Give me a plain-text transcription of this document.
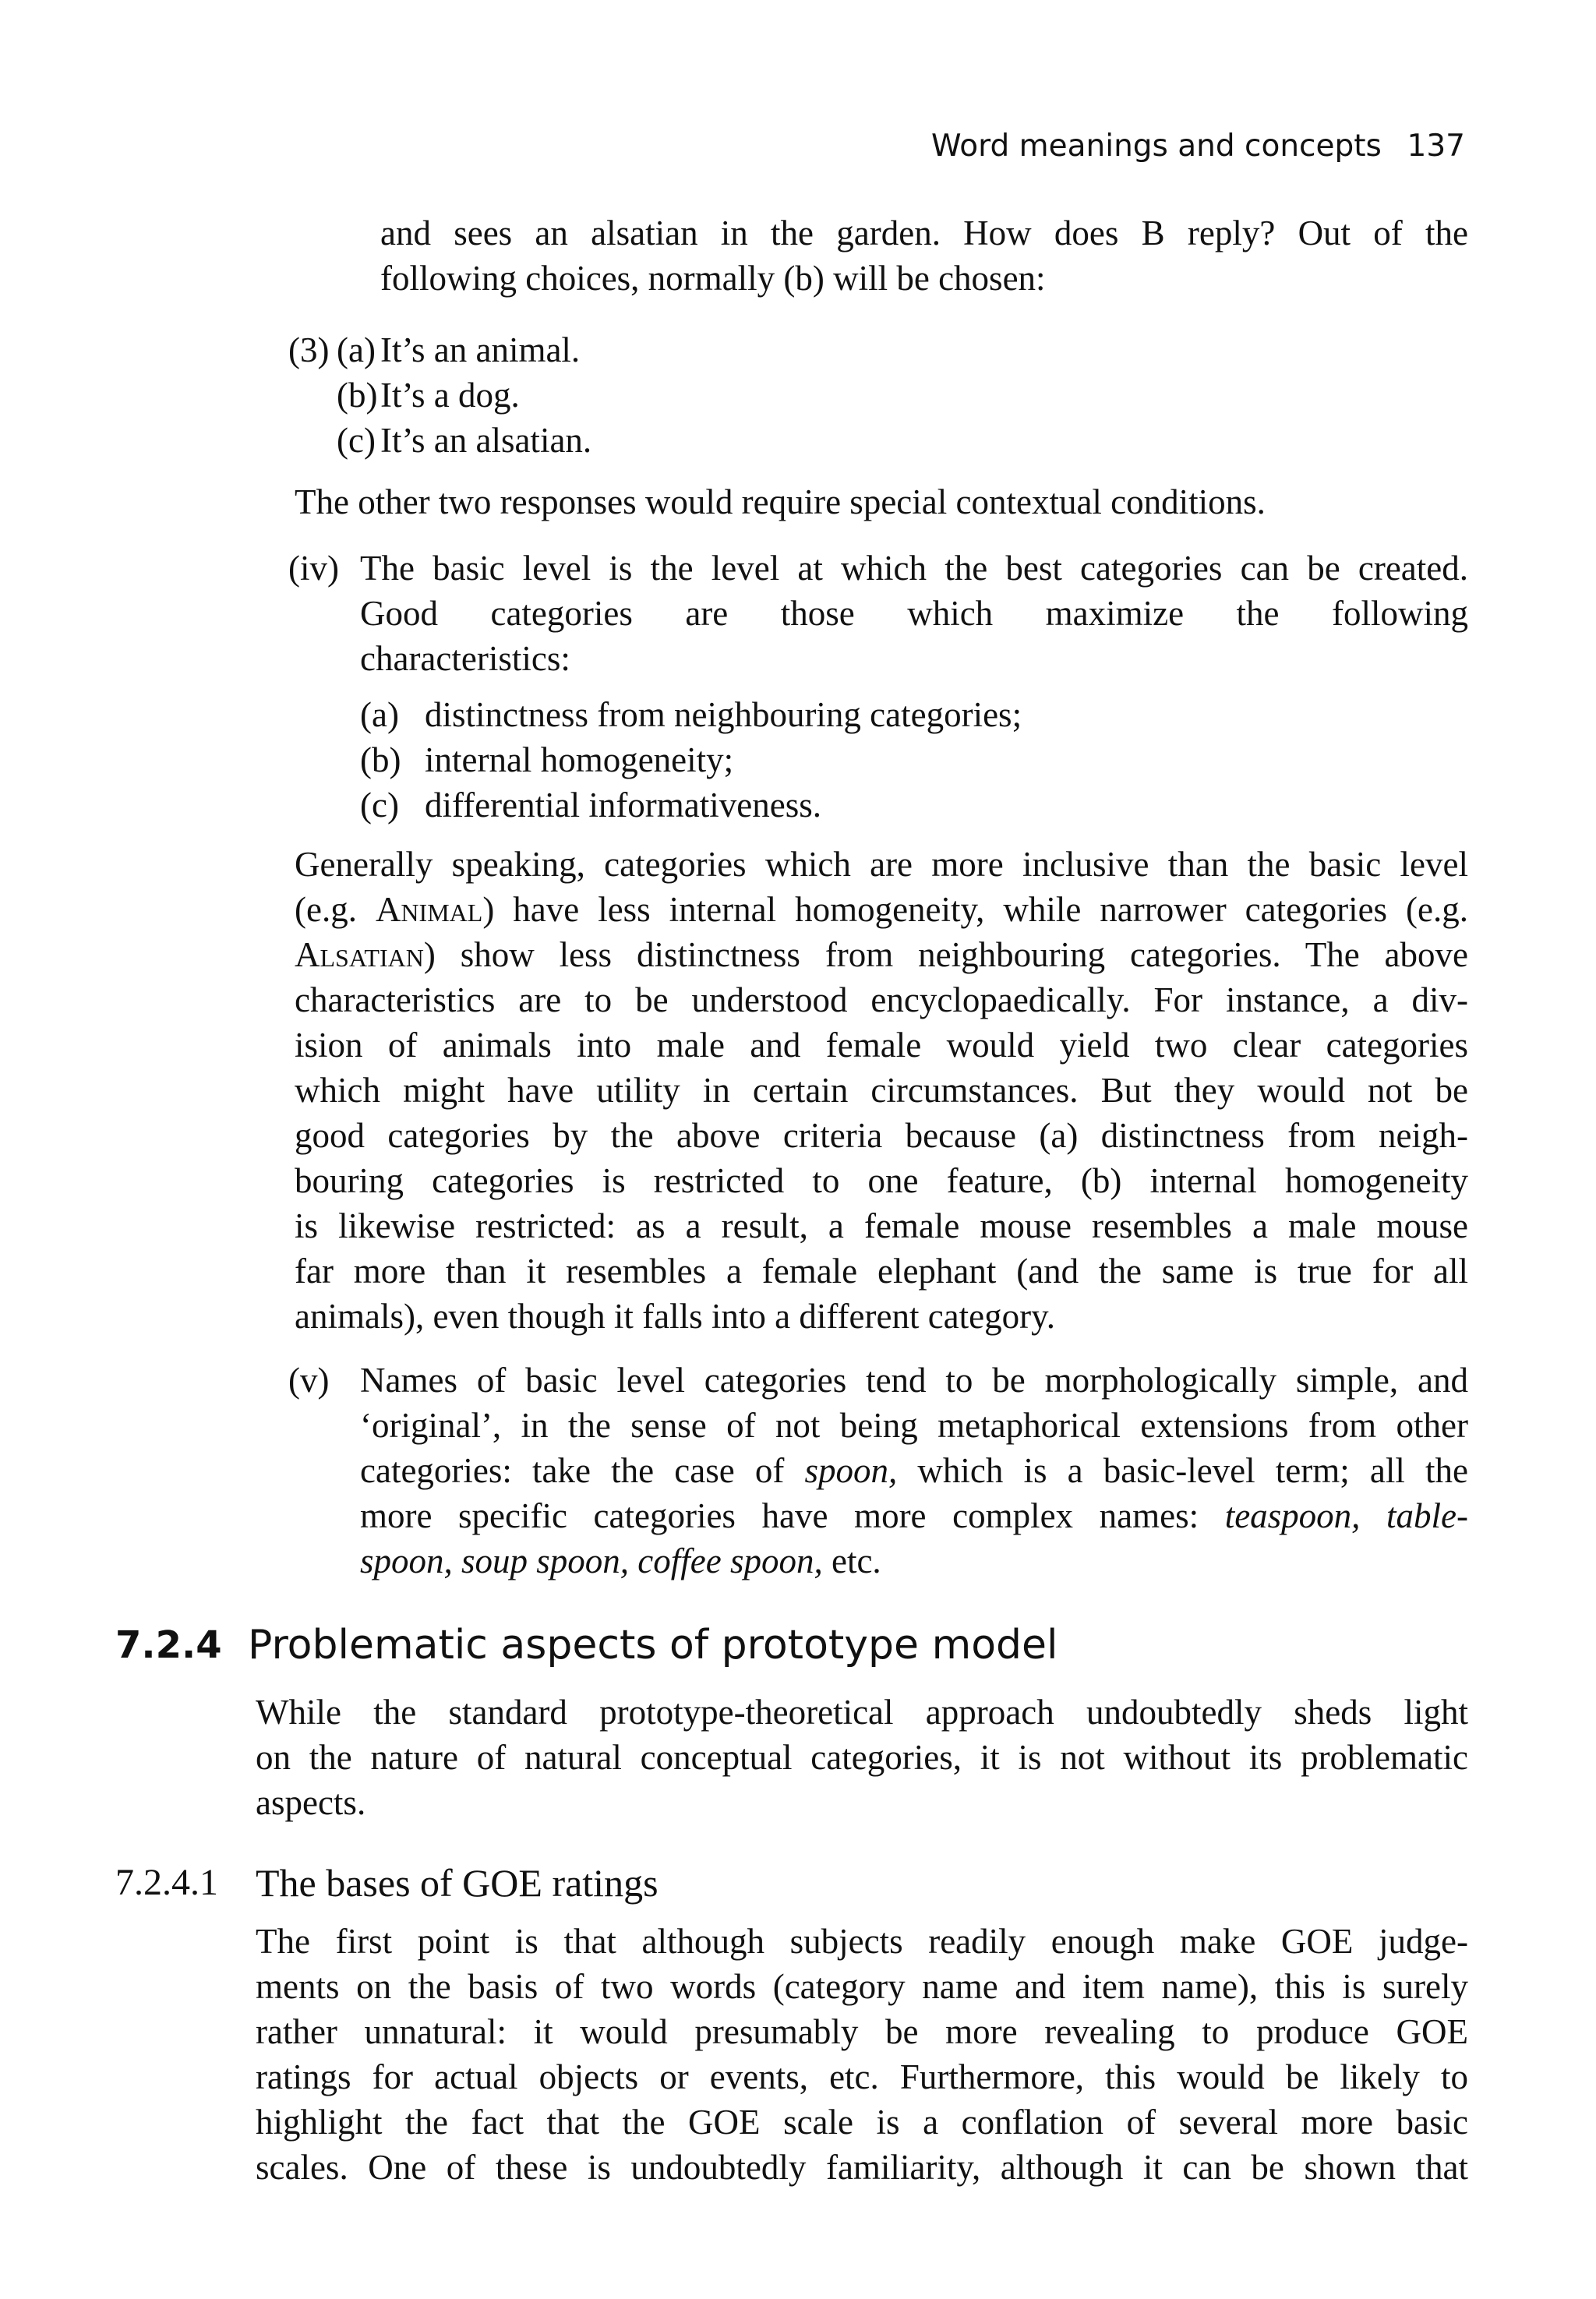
Word meanings and concepts 137
and sees an alsatian in the garden. How does B reply? Out of the
following choices, normally (b) will be chosen:
(3) (a) It’s an animal.
(b) It’s a dog.
(c) It’s an alsatian.
The other two responses would require special contextual conditions.
(iv) The basic level is the level at which the best categories can be created.
Good categories are those which maximize the following
characteristics:
(a) distinctness from neighbouring categories;
(b) internal homogeneity;
(c) differential informativeness.
Generally speaking, categories which are more inclusive than the basic level
(e.g. Animal) have less internal homogeneity, while narrower categories (e.g.
Alsatian) show less distinctness from neighbouring categories. The above
characteristics are to be understood encyclopaedically. For instance, a div-
ision of animals into male and female would yield two clear categories
which might have utility in certain circumstances. But they would not be
good categories by the above criteria because (a) distinctness from neigh-
bouring categories is restricted to one feature, (b) internal homogeneity
is likewise restricted: as a result, a female mouse resembles a male mouse
far more than it resembles a female elephant (and the same is true for all
animals), even though it falls into a different category.
(v) Names of basic level categories tend to be morphologically simple, and
‘original’, in the sense of not being metaphorical extensions from other
categories: take the case of spoon, which is a basic-level term; all the
more specific categories have more complex names: teaspoon, table-
spoon, soup spoon, coffee spoon, etc.
7.2.4 Problematic aspects of prototype model
While the standard prototype-theoretical approach undoubtedly sheds light
on the nature of natural conceptual categories, it is not without its problematic
aspects.
7.2.4.1 The bases of GOE ratings
The first point is that although subjects readily enough make GOE judge-
ments on the basis of two words (category name and item name), this is surely
rather unnatural: it would presumably be more revealing to produce GOE
ratings for actual objects or events, etc. Furthermore, this would be likely to
highlight the fact that the GOE scale is a conflation of several more basic
scales. One of these is undoubtedly familiarity, although it can be shown that
